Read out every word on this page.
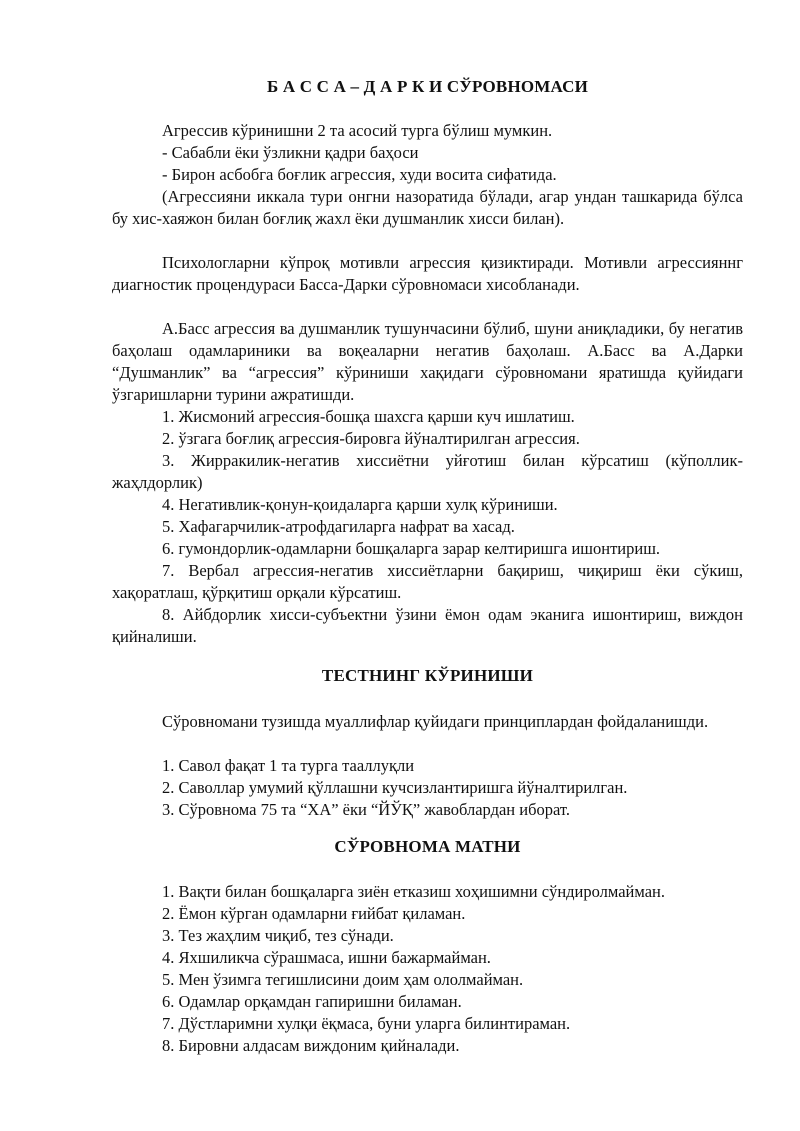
Б А С С А – Д А Р К И СЎРОВНОМАСИ

Агрессив кўринишни 2 та асосий турга бўлиш мумкин.

- Сабабли ёки ўзликни қадри баҳоси

- Бирон асбобга боғлик агрессия, худи восита сифатида.

(Агрессияни иккала тури онгни назоратида бўлади, агар ундан ташкарида бўлса бу хис-хаяжон билан боғлиқ жахл ёки душманлик хисси билан).

Психологларни кўпроқ мотивли агрессия қизиктиради. Мотивли агрессияннг диагностик процендураси Басса-Дарки сўровномаси хисобланади.

А.Басс агрессия ва душманлик тушунчасини бўлиб, шуни аниқладики, бу негатив баҳолаш одамлариники ва воқеаларни негатив баҳолаш. А.Басс ва А.Дарки “Душманлик” ва “агрессия” кўриниши хақидаги сўровномани яратишда қуйидаги ўзгаришларни турини ажратишди.

1. Жисмоний агрессия-бошқа шахсга қарши куч ишлатиш.

2. ўзгага боғлиқ агрессия-бировга йўналтирилган агрессия.

3. Жирракилик-негатив хиссиётни уйғотиш билан кўрсатиш (кўполлик-жаҳлдорлик)

4. Негативлик-қонун-қоидаларга қарши хулқ кўриниши.

5. Хафагарчилик-атрофдагиларга нафрат ва хасад.

6. гумондорлик-одамларни бошқаларга зарар келтиришга ишонтириш.

7. Вербал агрессия-негатив хиссиётларни бақириш, чиқириш ёки сўкиш, хақоратлаш, қўрқитиш орқали кўрсатиш.

8. Айбдорлик хисси-субъектни ўзини ёмон одам эканига ишонтириш, виждон қийналиши.

ТЕСТНИНГ КЎРИНИШИ

Сўровномани тузишда муаллифлар қуйидаги принциплардан фойдаланишди.

1. Савол фақат 1 та турга тааллуқли

2. Саволлар умумий қўллашни кучсизлантиришга йўналтирилган.

3. Сўровнома 75 та “ХА” ёки “ЙЎҚ” жавоблардан иборат.

СЎРОВНОМА МАТНИ

1. Вақти билан бошқаларга зиён етказиш хоҳишимни сўндиролмайман.

2. Ёмон кўрган одамларни ғийбат қиламан.

3. Тез жаҳлим чиқиб, тез сўнади.

4. Яхшиликча сўрашмаса, ишни бажармайман.

5. Мен ўзимга тегишлисини доим ҳам ололмайман.

6. Одамлар орқамдан гапиришни биламан.

7. Дўстларимни хулқи ёқмаса, буни уларга билинтираман.

8. Бировни алдасам виждоним қийналади.
